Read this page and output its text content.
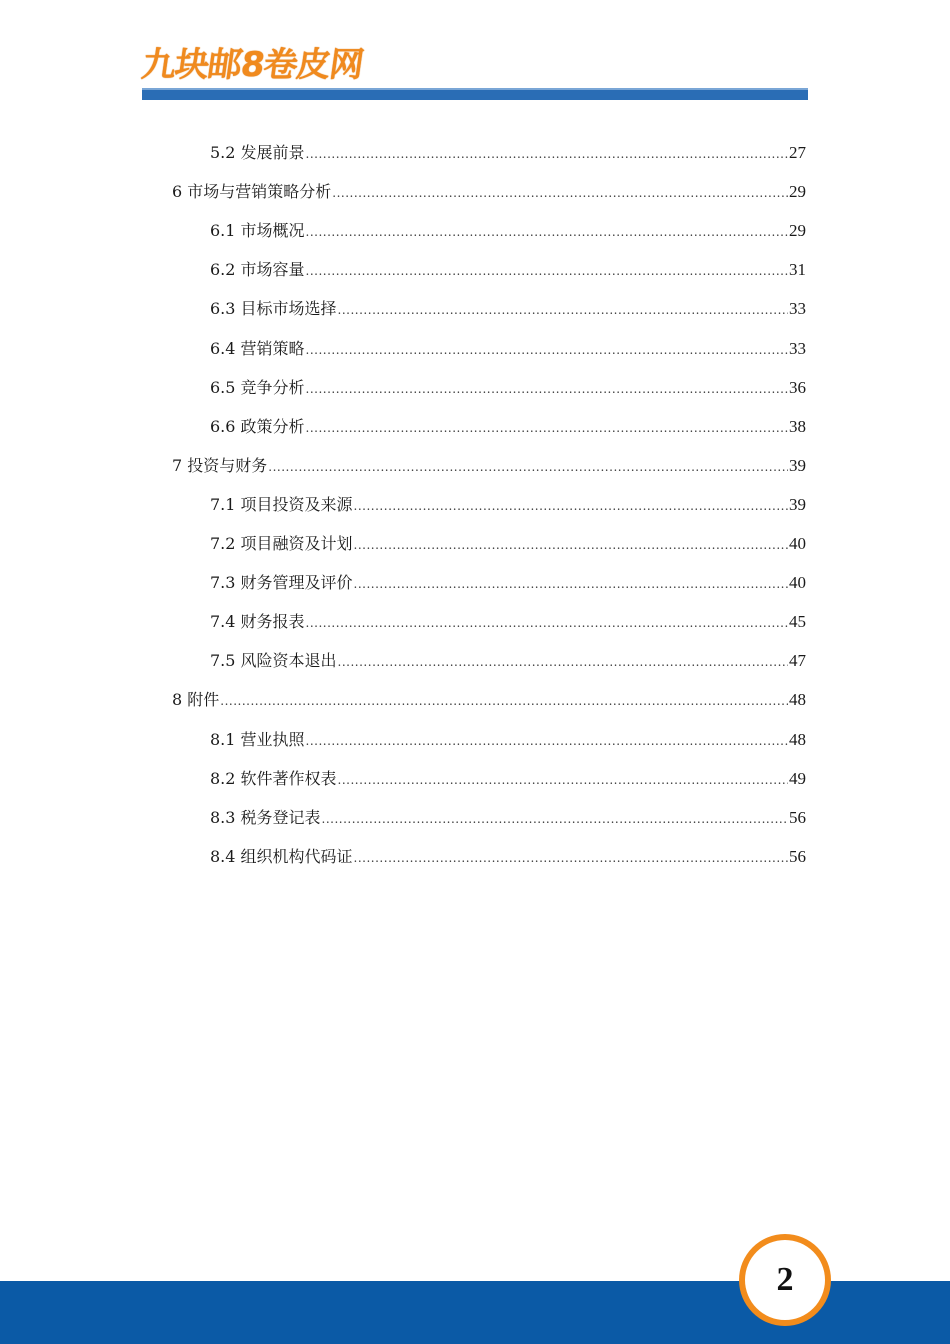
九块邮8卷皮网
5.2 发展前景 .....	27
6 市场与营销策略分析 .....	29
6.1 市场概况 .....	29
6.2 市场容量 .....	31
6.3 目标市场选择 .....	33
6.4 营销策略 .....	33
6.5 竞争分析 .....	36
6.6 政策分析 .....	38
7 投资与财务 .....	39
7.1 项目投资及来源 .....	39
7.2 项目融资及计划 .....	40
7.3 财务管理及评价 .....	40
7.4 财务报表 .....	45
7.5 风险资本退出 .....	47
8 附件 .....	48
8.1 营业执照 .....	48
8.2 软件著作权表 .....	49
8.3 税务登记表 .....	56
8.4 组织机构代码证 .....	56
2
